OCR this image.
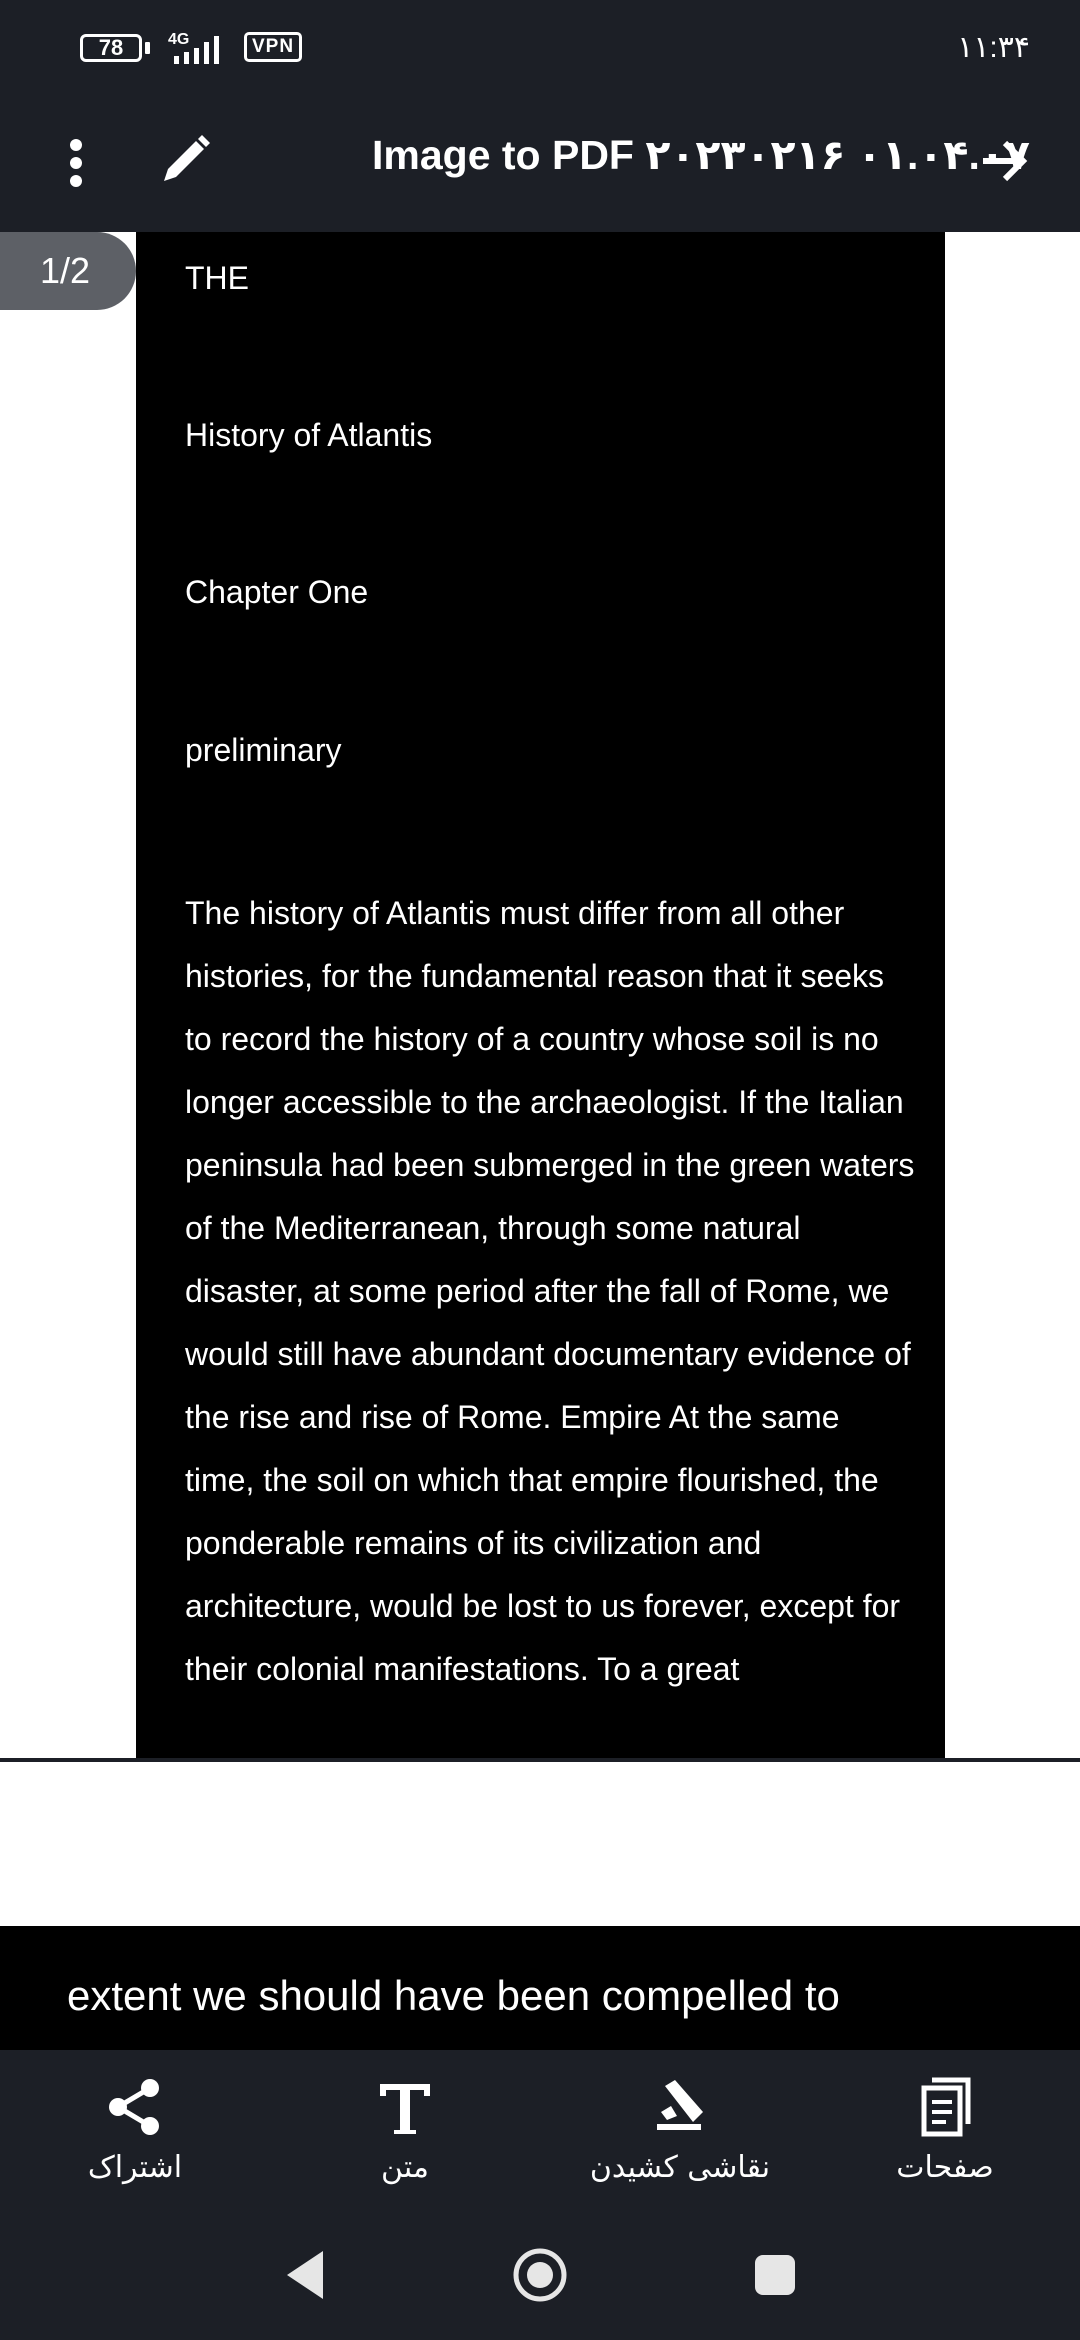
78	4G	VPN	۱۱:۳۴
Image to PDF ۲۰۲۳۰۲۱۶ ۰۱.۰۴.۰۷

THE

History of Atlantis

Chapter One

preliminary

The history of Atlantis must differ from all other histories, for the fundamental reason that it seeks to record the history of a country whose soil is no longer accessible to the archaeologist. If the Italian peninsula had been submerged in the green waters of the Mediterranean, through some natural disaster, at some period after the fall of Rome, we would still have abundant documentary evidence of the rise and rise of Rome. Empire At the same time, the soil on which that empire flourished, the ponderable remains of its civilization and architecture, would be lost to us forever, except for their colonial manifestations. To a great
1/2
extent we should have been compelled to
اشتراک	متن	نقاشی کشیدن	صفحات
